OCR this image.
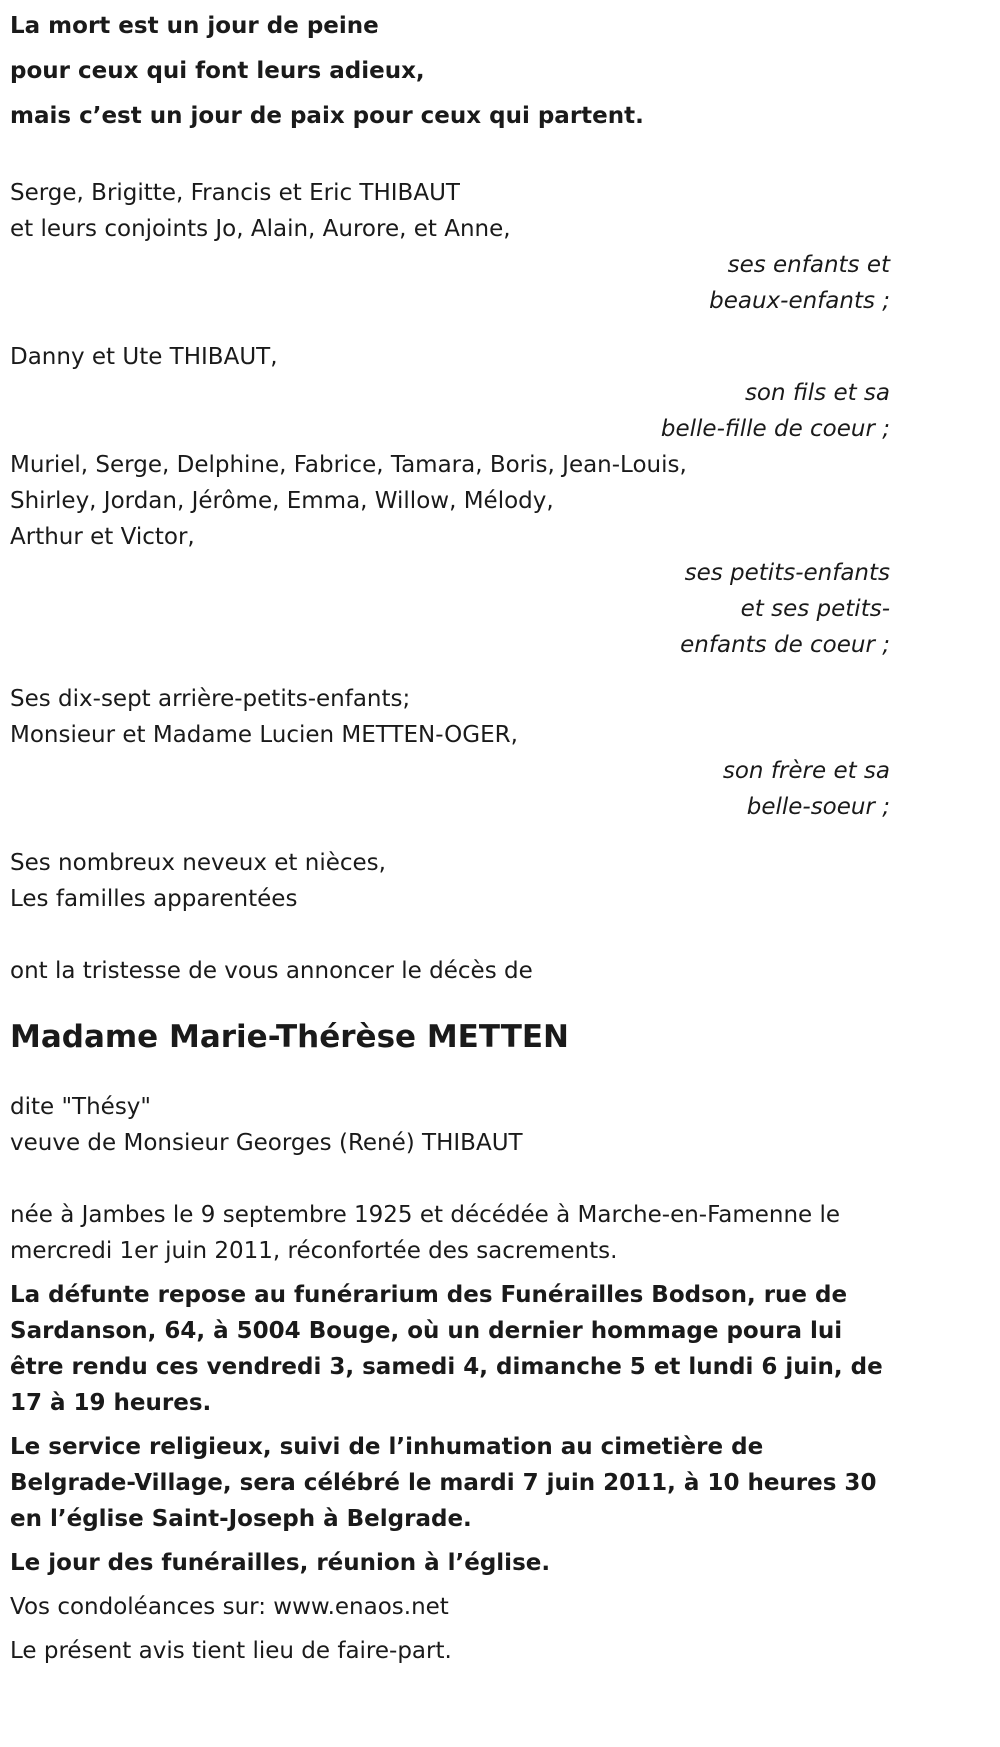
La mort est un jour de peine
pour ceux qui font leurs adieux,
mais c’est un jour de paix pour ceux qui partent.
Serge, Brigitte, Francis et Eric THIBAUT
et leurs conjoints Jo, Alain, Aurore, et Anne,
ses enfants et
beaux-enfants ;
Danny et Ute THIBAUT,
son fils et sa
belle-fille de coeur ;
Muriel, Serge, Delphine, Fabrice, Tamara, Boris, Jean-Louis,
Shirley, Jordan, Jérôme, Emma, Willow, Mélody,
Arthur et Victor,
ses petits-enfants
et ses petits-
enfants de coeur ;
Ses dix-sept arrière-petits-enfants;
Monsieur et Madame Lucien METTEN-OGER,
son frère et sa
belle-soeur ;
Ses nombreux neveux et nièces,
Les familles apparentées
ont la tristesse de vous annoncer le décès de
Madame Marie-Thérèse METTEN
dite "Thésy"
veuve de Monsieur Georges (René) THIBAUT
née à Jambes le 9 septembre 1925 et décédée à Marche-en-Famenne le mercredi 1er juin 2011, réconfortée des sacrements.
La défunte repose au funérarium des Funérailles Bodson, rue de Sardanson, 64, à 5004 Bouge, où un dernier hommage poura lui être rendu ces vendredi 3, samedi 4, dimanche 5 et lundi 6 juin, de 17 à 19 heures.
Le service religieux, suivi de l’inhumation au cimetière de Belgrade-Village, sera célébré le mardi 7 juin 2011, à 10 heures 30 en l’église Saint-Joseph à Belgrade.
Le jour des funérailles, réunion à l’église.
Vos condoléances sur: www.enaos.net
Le présent avis tient lieu de faire-part.
